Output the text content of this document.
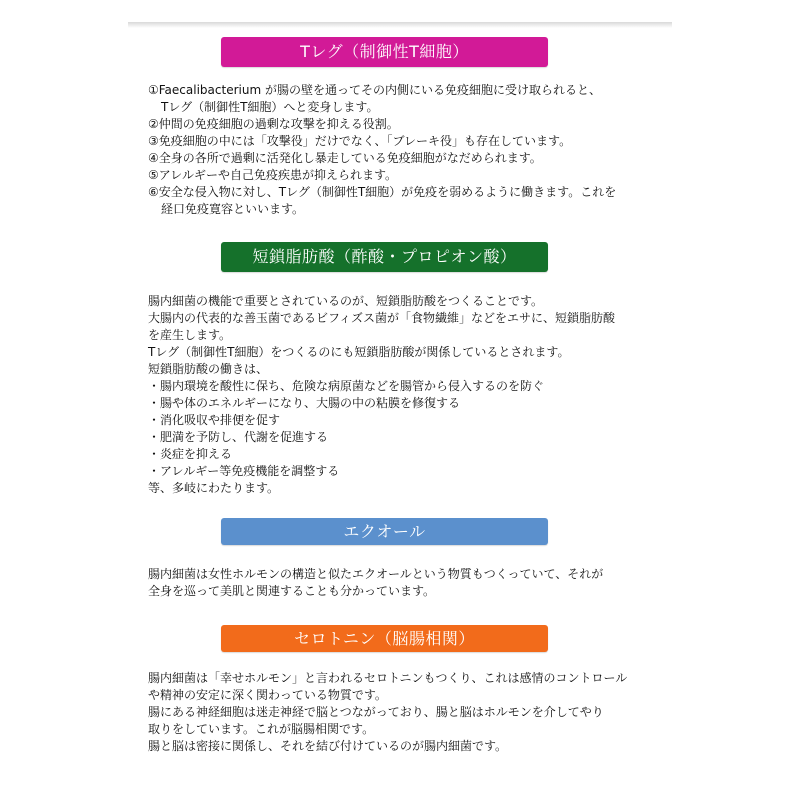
Tレグ（制御性T細胞）
①Faecalibacterium が腸の壁を通ってその内側にいる免疫細胞に受け取られると、
Tレグ（制御性T細胞）へと変身します。
②仲間の免疫細胞の過剰な攻撃を抑える役割。
③免疫細胞の中には「攻撃役」だけでなく、「ブレーキ役」も存在しています。
④全身の各所で過剰に活発化し暴走している免疫細胞がなだめられます。
⑤アレルギーや自己免疫疾患が抑えられます。
⑥安全な侵入物に対し、Tレグ（制御性T細胞）が免疫を弱めるように働きます。これを
経口免疫寛容といいます。
短鎖脂肪酸（酢酸・プロピオン酸）
腸内細菌の機能で重要とされているのが、短鎖脂肪酸をつくることです。
大腸内の代表的な善玉菌であるビフィズス菌が「食物繊維」などをエサに、短鎖脂肪酸
を産生します。
Tレグ（制御性T細胞）をつくるのにも短鎖脂肪酸が関係しているとされます。
短鎖脂肪酸の働きは、
・腸内環境を酸性に保ち、危険な病原菌などを腸管から侵入するのを防ぐ
・腸や体のエネルギーになり、大腸の中の粘膜を修復する
・消化吸収や排便を促す
・肥満を予防し、代謝を促進する
・炎症を抑える
・アレルギー等免疫機能を調整する
等、多岐にわたります。
エクオール
腸内細菌は女性ホルモンの構造と似たエクオールという物質もつくっていて、それが
全身を巡って美肌と関連することも分かっています。
セロトニン（脳腸相関）
腸内細菌は「幸せホルモン」と言われるセロトニンもつくり、これは感情のコントロール
や精神の安定に深く関わっている物質です。
腸にある神経細胞は迷走神経で脳とつながっており、腸と脳はホルモンを介してやり
取りをしています。これが脳腸相関です。
腸と脳は密接に関係し、それを結び付けているのが腸内細菌です。
